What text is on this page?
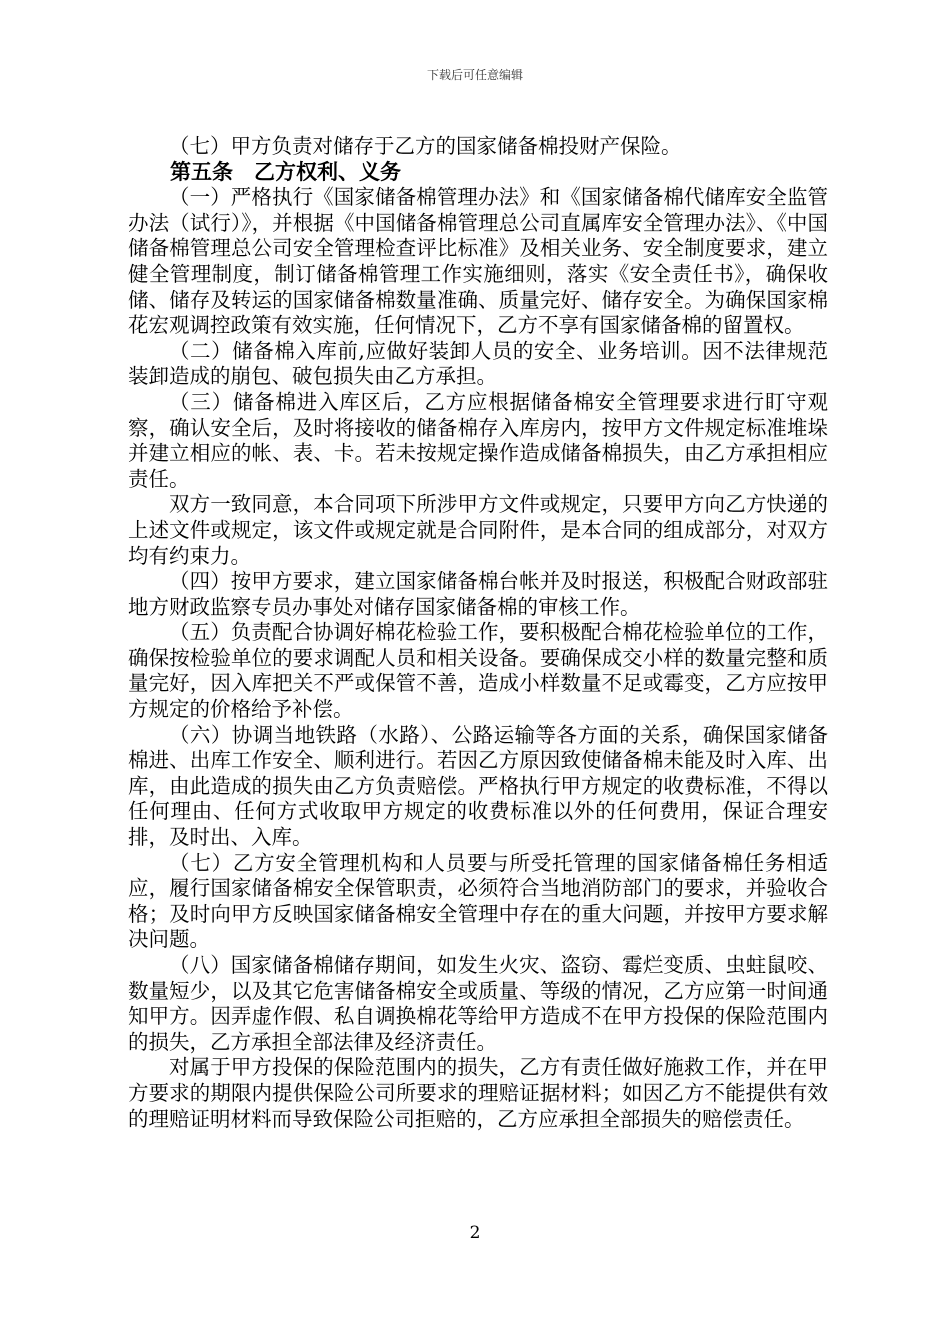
下载后可任意编辑

（七）甲方负责对储存于乙方的国家储备棉投财产保险。

第五条　乙方权利、义务

（一）严格执行《国家储备棉管理办法》和《国家储备棉代储库安全监管办法（试行）》，并根据《中国储备棉管理总公司直属库安全管理办法》、《中国储备棉管理总公司安全管理检查评比标准》及相关业务、安全制度要求，建立健全管理制度，制订储备棉管理工作实施细则，落实《安全责任书》，确保收储、储存及转运的国家储备棉数量准确、质量完好、储存安全。为确保国家棉花宏观调控政策有效实施，任何情况下，乙方不享有国家储备棉的留置权。

（二）储备棉入库前,应做好装卸人员的安全、业务培训。因不法律规范装卸造成的崩包、破包损失由乙方承担。

（三）储备棉进入库区后，乙方应根据储备棉安全管理要求进行盯守观察，确认安全后，及时将接收的储备棉存入库房内，按甲方文件规定标准堆垛并建立相应的帐、表、卡。若未按规定操作造成储备棉损失，由乙方承担相应责任。

双方一致同意，本合同项下所涉甲方文件或规定，只要甲方向乙方快递的上述文件或规定，该文件或规定就是合同附件，是本合同的组成部分，对双方均有约束力。

（四）按甲方要求，建立国家储备棉台帐并及时报送，积极配合财政部驻地方财政监察专员办事处对储存国家储备棉的审核工作。

（五）负责配合协调好棉花检验工作，要积极配合棉花检验单位的工作，确保按检验单位的要求调配人员和相关设备。要确保成交小样的数量完整和质量完好，因入库把关不严或保管不善，造成小样数量不足或霉变，乙方应按甲方规定的价格给予补偿。

（六）协调当地铁路（水路）、公路运输等各方面的关系，确保国家储备棉进、出库工作安全、顺利进行。若因乙方原因致使储备棉未能及时入库、出库，由此造成的损失由乙方负责赔偿。严格执行甲方规定的收费标准，不得以任何理由、任何方式收取甲方规定的收费标准以外的任何费用，保证合理安排，及时出、入库。

（七）乙方安全管理机构和人员要与所受托管理的国家储备棉任务相适应，履行国家储备棉安全保管职责，必须符合当地消防部门的要求，并验收合格；及时向甲方反映国家储备棉安全管理中存在的重大问题，并按甲方要求解决问题。

（八）国家储备棉储存期间，如发生火灾、盗窃、霉烂变质、虫蛀鼠咬、数量短少，以及其它危害储备棉安全或质量、等级的情况，乙方应第一时间通知甲方。因弄虚作假、私自调换棉花等给甲方造成不在甲方投保的保险范围内的损失，乙方承担全部法律及经济责任。

对属于甲方投保的保险范围内的损失，乙方有责任做好施救工作，并在甲方要求的期限内提供保险公司所要求的理赔证据材料；如因乙方不能提供有效的理赔证明材料而导致保险公司拒赔的，乙方应承担全部损失的赔偿责任。

2
